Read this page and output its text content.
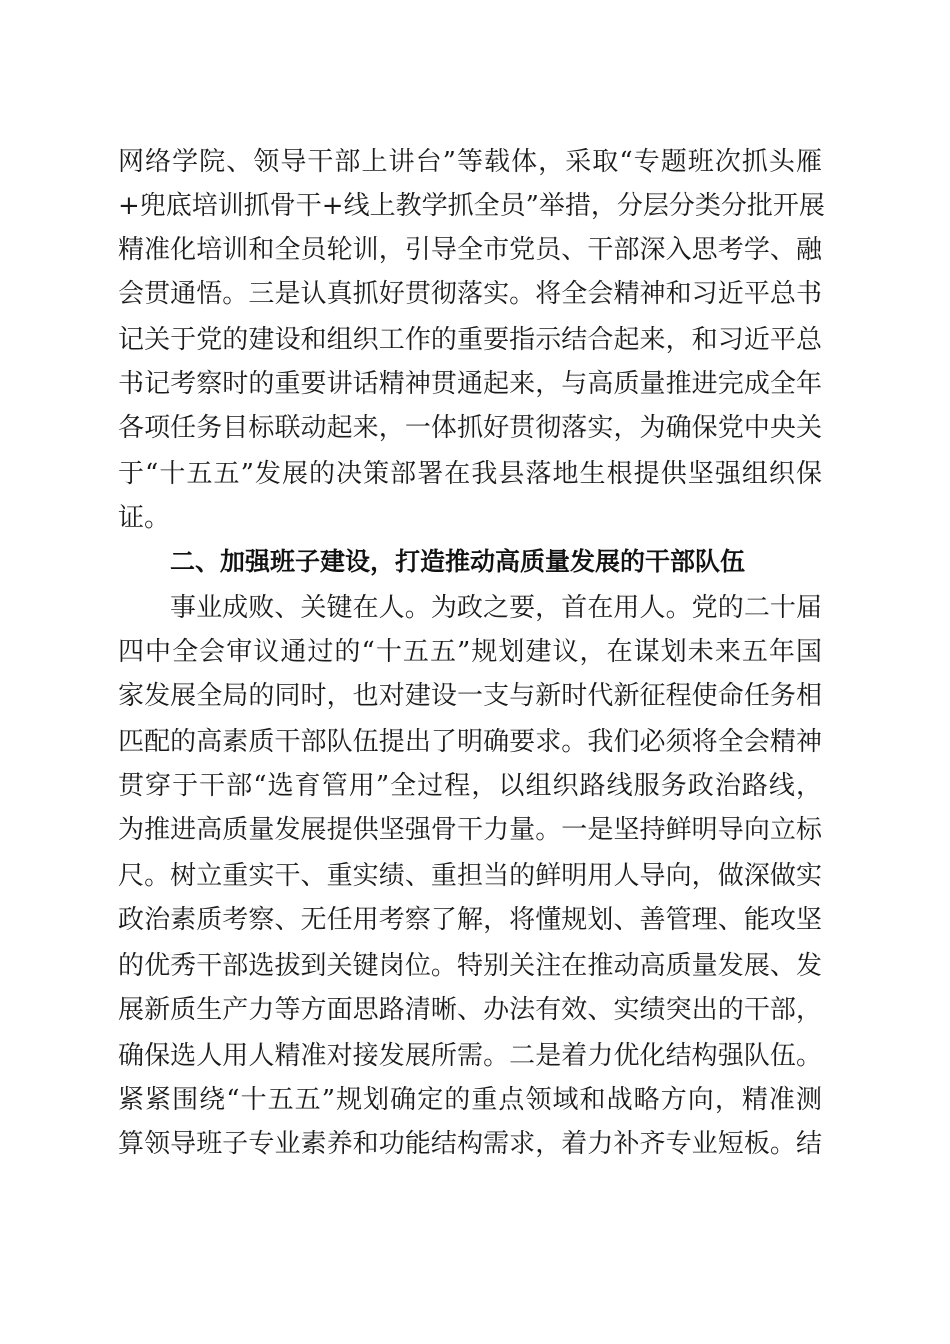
网络学院、领导干部上讲台”等载体，采取“专题班次抓头雁
+兜底培训抓骨干+线上教学抓全员”举措，分层分类分批开展
精准化培训和全员轮训，引导全市党员、干部深入思考学、融
会贯通悟。三是认真抓好贯彻落实。将全会精神和习近平总书
记关于党的建设和组织工作的重要指示结合起来，和习近平总
书记考察时的重要讲话精神贯通起来，与高质量推进完成全年
各项任务目标联动起来，一体抓好贯彻落实，为确保党中央关
于“十五五”发展的决策部署在我县落地生根提供坚强组织保
证。
二、加强班子建设，打造推动高质量发展的干部队伍
事业成败、关键在人。为政之要，首在用人。党的二十届
四中全会审议通过的“十五五”规划建议，在谋划未来五年国
家发展全局的同时，也对建设一支与新时代新征程使命任务相
匹配的高素质干部队伍提出了明确要求。我们必须将全会精神
贯穿于干部“选育管用”全过程，以组织路线服务政治路线，
为推进高质量发展提供坚强骨干力量。一是坚持鲜明导向立标
尺。树立重实干、重实绩、重担当的鲜明用人导向，做深做实
政治素质考察、无任用考察了解，将懂规划、善管理、能攻坚
的优秀干部选拔到关键岗位。特别关注在推动高质量发展、发
展新质生产力等方面思路清晰、办法有效、实绩突出的干部，
确保选人用人精准对接发展所需。二是着力优化结构强队伍。
紧紧围绕“十五五”规划确定的重点领域和战略方向，精准测
算领导班子专业素养和功能结构需求，着力补齐专业短板。结
